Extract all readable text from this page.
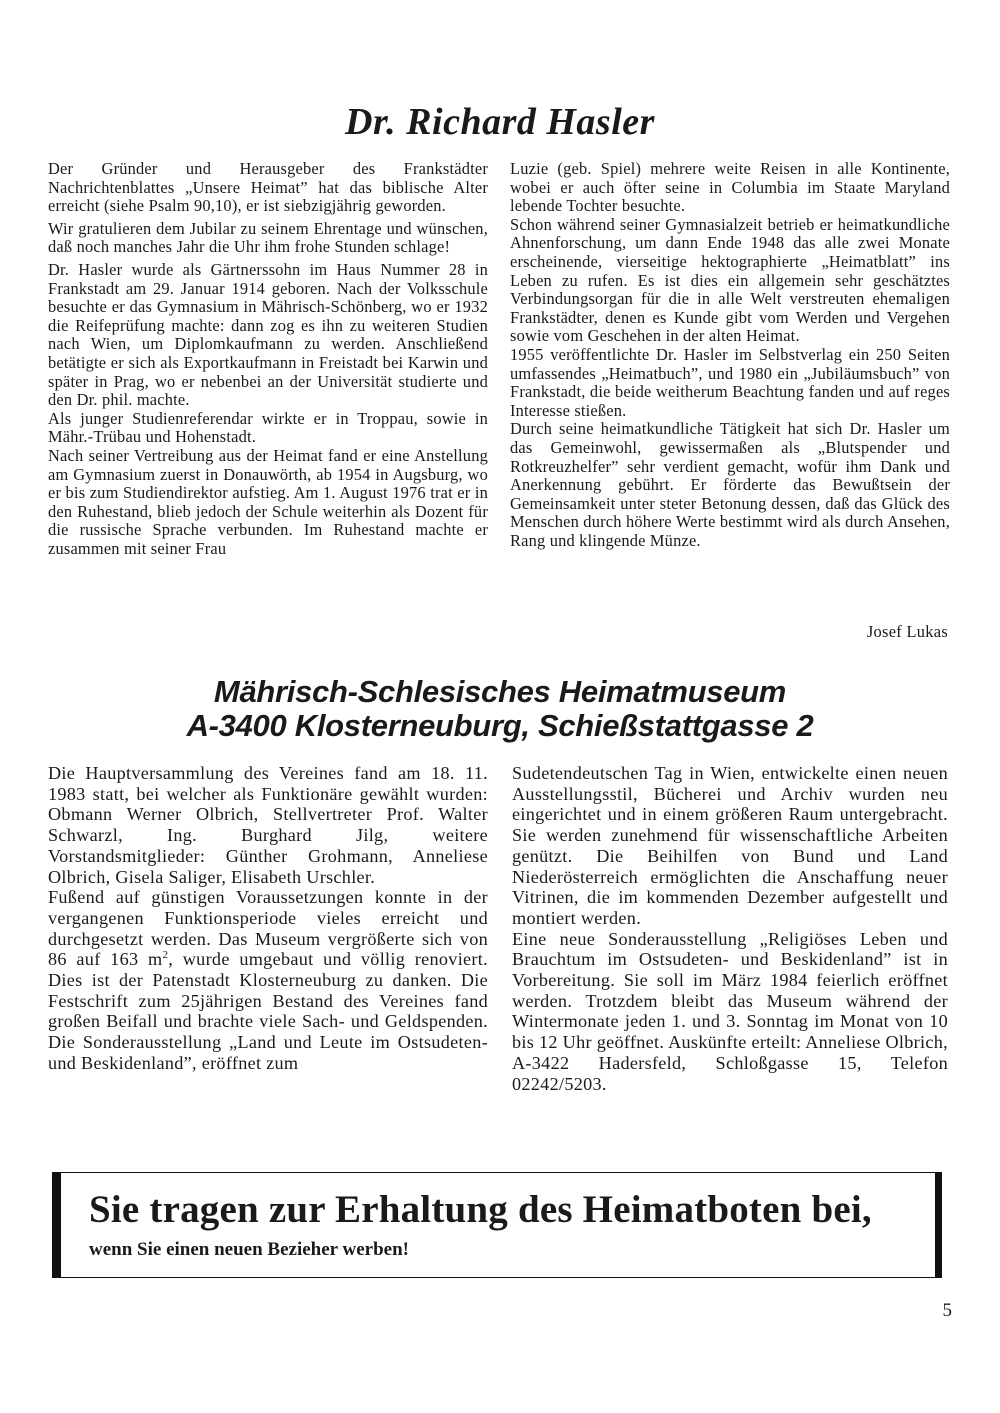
Dr. Richard Hasler

Der Gründer und Herausgeber des Frankstädter Nachrichtenblattes „Unsere Heimat” hat das biblische Alter erreicht (siehe Psalm 90,10), er ist siebzigjährig geworden.

Wir gratulieren dem Jubilar zu seinem Ehrentage und wünschen, daß noch manches Jahr die Uhr ihm frohe Stunden schlage!

Dr. Hasler wurde als Gärtnerssohn im Haus Nummer 28 in Frankstadt am 29. Januar 1914 geboren. Nach der Volksschule besuchte er das Gymnasium in Mährisch-Schönberg, wo er 1932 die Reifeprüfung machte: dann zog es ihn zu weiteren Studien nach Wien, um Diplomkaufmann zu werden. Anschließend betätigte er sich als Exportkaufmann in Freistadt bei Karwin und später in Prag, wo er nebenbei an der Universität studierte und den Dr. phil. machte.

Als junger Studienreferendar wirkte er in Troppau, sowie in Mähr.-Trübau und Hohenstadt.

Nach seiner Vertreibung aus der Heimat fand er eine Anstellung am Gymnasium zuerst in Donauwörth, ab 1954 in Augsburg, wo er bis zum Studiendirektor aufstieg. Am 1. August 1976 trat er in den Ruhestand, blieb jedoch der Schule weiterhin als Dozent für die russische Sprache verbunden. Im Ruhestand machte er zusammen mit seiner Frau

Luzie (geb. Spiel) mehrere weite Reisen in alle Kontinente, wobei er auch öfter seine in Columbia im Staate Maryland lebende Tochter besuchte.

Schon während seiner Gymnasialzeit betrieb er heimatkundliche Ahnenforschung, um dann Ende 1948 das alle zwei Monate erscheinende, vierseitige hektographierte „Heimatblatt” ins Leben zu rufen. Es ist dies ein allgemein sehr geschätztes Verbindungsorgan für die in alle Welt verstreuten ehemaligen Frankstädter, denen es Kunde gibt vom Werden und Vergehen sowie vom Geschehen in der alten Heimat.

1955 veröffentlichte Dr. Hasler im Selbstverlag ein 250 Seiten umfassendes „Heimatbuch”, und 1980 ein „Jubiläumsbuch” von Frankstadt, die beide weitherum Beachtung fanden und auf reges Interesse stießen.

Durch seine heimatkundliche Tätigkeit hat sich Dr. Hasler um das Gemeinwohl, gewissermaßen als „Blutspender und Rotkreuzhelfer” sehr verdient gemacht, wofür ihm Dank und Anerkennung gebührt. Er förderte das Bewußtsein der Gemeinsamkeit unter steter Betonung dessen, daß das Glück des Menschen durch höhere Werte bestimmt wird als durch Ansehen, Rang und klingende Münze.

Josef Lukas
Mährisch-Schlesisches Heimatmuseum
A-3400 Klosterneuburg, Schießstattgasse 2

Die Hauptversammlung des Vereines fand am 18. 11. 1983 statt, bei welcher als Funktionäre gewählt wurden: Obmann Werner Olbrich, Stellvertreter Prof. Walter Schwarzl, Ing. Burghard Jilg, weitere Vorstandsmitglieder: Günther Grohmann, Anneliese Olbrich, Gisela Saliger, Elisabeth Urschler.

Fußend auf günstigen Voraussetzungen konnte in der vergangenen Funktionsperiode vieles erreicht und durchgesetzt werden. Das Museum vergrößerte sich von 86 auf 163 $m^2$, wurde umgebaut und völlig renoviert. Dies ist der Patenstadt Klosterneuburg zu danken. Die Festschrift zum 25jährigen Bestand des Vereines fand großen Beifall und brachte viele Sach- und Geldspenden. Die Sonderausstellung „Land und Leute im Ostsudeten- und Beskidenland”, eröffnet zum

Sudetendeutschen Tag in Wien, entwickelte einen neuen Ausstellungsstil, Bücherei und Archiv wurden neu eingerichtet und in einem größeren Raum untergebracht. Sie werden zunehmend für wissenschaftliche Arbeiten genützt. Die Beihilfen von Bund und Land Niederösterreich ermöglichten die Anschaffung neuer Vitrinen, die im kommenden Dezember aufgestellt und montiert werden.

Eine neue Sonderausstellung „Religiöses Leben und Brauchtum im Ostsudeten- und Beskidenland” ist in Vorbereitung. Sie soll im März 1984 feierlich eröffnet werden. Trotzdem bleibt das Museum während der Wintermonate jeden 1. und 3. Sonntag im Monat von 10 bis 12 Uhr geöffnet. Auskünfte erteilt: Anneliese Olbrich, A-3422 Hadersfeld, Schloßgasse 15, Telefon 02242/5203.

Sie tragen zur Erhaltung des Heimatboten bei,
wenn Sie einen neuen Bezieher werben!
5
